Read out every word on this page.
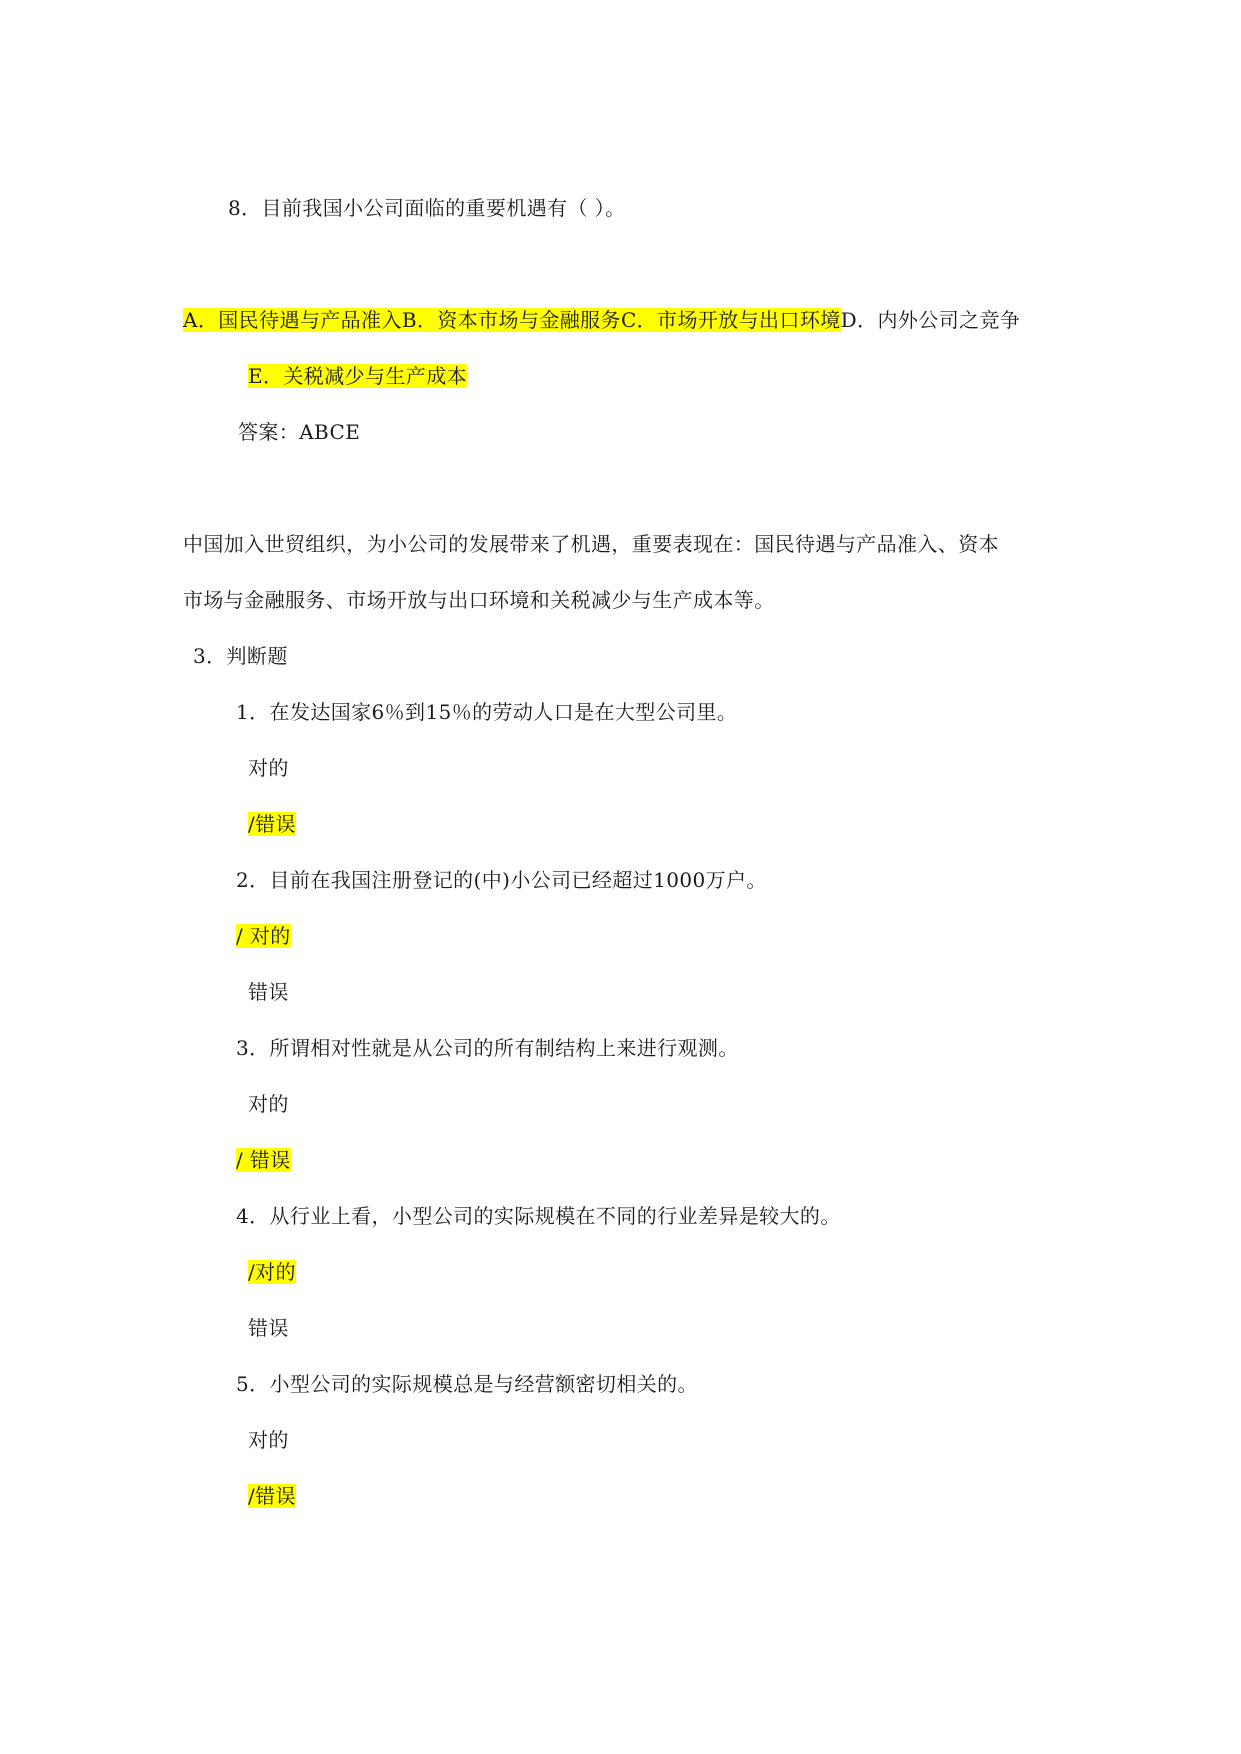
8．目前我国小公司面临的重要机遇有（ ）。
A．国民待遇与产品准入B．资本市场与金融服务C．市场开放与出口环境D．内外公司之竞争
E．关税减少与生产成本
答案：ABCE
中国加入世贸组织，为小公司的发展带来了机遇，重要表现在：国民待遇与产品准入、资本
市场与金融服务、市场开放与出口环境和关税减少与生产成本等。
3．判断题
1．在发达国家6％到15％的劳动人口是在大型公司里。
对的
/错误
2．目前在我国注册登记的(中)小公司已经超过1000万户。
/ 对的
错误
3．所谓相对性就是从公司的所有制结构上来进行观测。
对的
/ 错误
4．从行业上看，小型公司的实际规模在不同的行业差异是较大的。
/对的
错误
5．小型公司的实际规模总是与经营额密切相关的。
对的
/错误
